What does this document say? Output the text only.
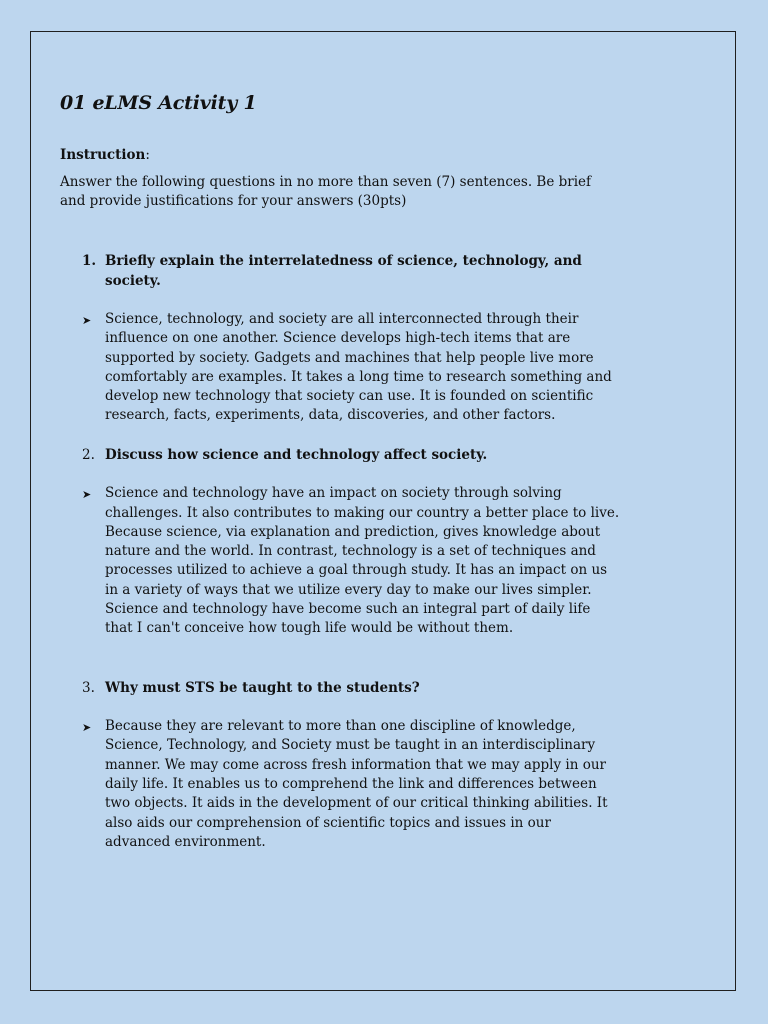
01 eLMS Activity 1
Instruction:
Answer the following questions in no more than seven (7) sentences. Be brief and provide justifications for your answers (30pts)
1. Briefly explain the interrelatedness of science, technology, and society.
➤	Science, technology, and society are all interconnected through their influence on one another. Science develops high-tech items that are supported by society. Gadgets and machines that help people live more comfortably are examples. It takes a long time to research something and develop new technology that society can use. It is founded on scientific research, facts, experiments, data, discoveries, and other factors.
2. Discuss how science and technology affect society.
➤	Science and technology have an impact on society through solving challenges. It also contributes to making our country a better place to live. Because science, via explanation and prediction, gives knowledge about nature and the world. In contrast, technology is a set of techniques and processes utilized to achieve a goal through study. It has an impact on us in a variety of ways that we utilize every day to make our lives simpler. Science and technology have become such an integral part of daily life that I can't conceive how tough life would be without them.
3. Why must STS be taught to the students?
➤	Because they are relevant to more than one discipline of knowledge, Science, Technology, and Society must be taught in an interdisciplinary manner. We may come across fresh information that we may apply in our daily life. It enables us to comprehend the link and differences between two objects. It aids in the development of our critical thinking abilities. It also aids our comprehension of scientific topics and issues in our advanced environment.
